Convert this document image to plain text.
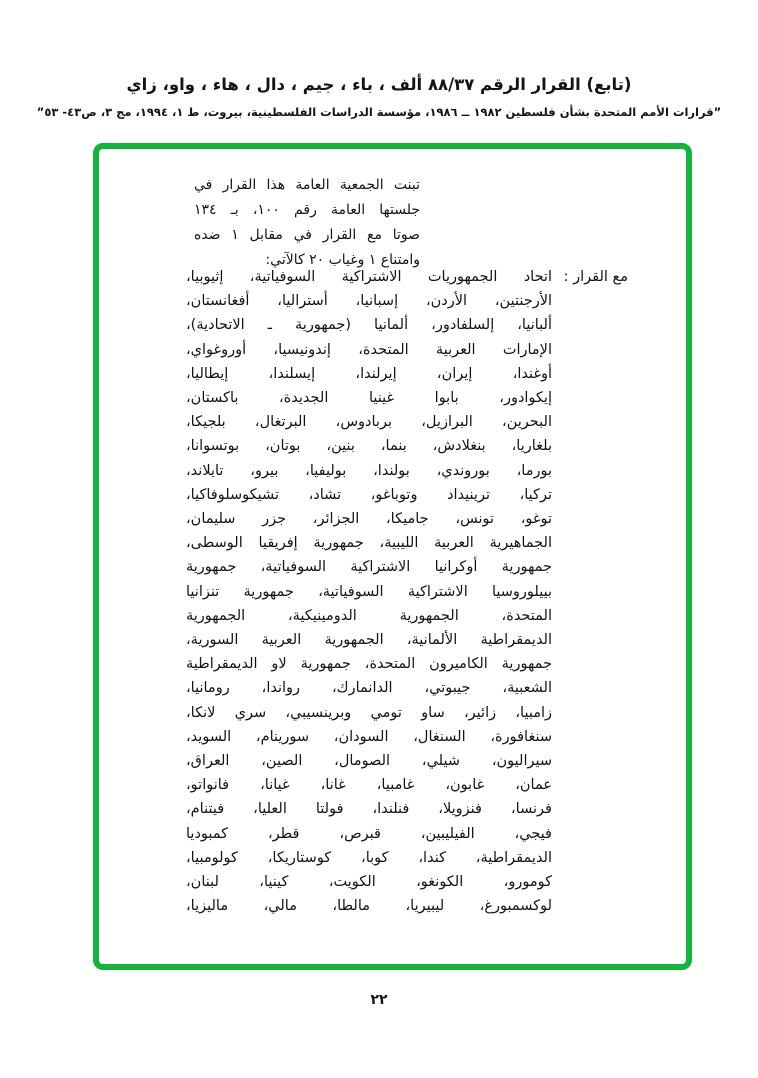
(تابع) القرار الرقم ٨٨/٣٧ ألف ، باء ، جيم ، دال ، هاء ، واو، زاي
”قرارات الأمم المتحدة بشأن فلسطين ١٩٨٢ ــ ١٩٨٦، مؤسسة الدراسات الفلسطينية، بيروت، ط ١، ١٩٩٤، مج ٣، ص٤٣- ٥٣”
تبنت الجمعية العامة هذا القرار في
جلستها العامة رقم ١٠٠، بـ ١٣٤
صوتا مع القرار في مقابل ١ ضده
وامتناع ١ وغياب ٢٠ كالآتي:
مع القرار :
اتحاد الجمهوريات الاشتراكية السوفياتية، إثيوبيا،
الأرجنتين، الأردن، إسبانيا، أستراليا، أفغانستان،
ألبانيا، إلسلفادور، ألمانيا (جمهورية ـ الاتحادية)،
الإمارات العربية المتحدة، إندونيسيا، أوروغواي،
أوغندا، إيران، إيرلندا، إيسلندا، إيطاليا،
إيكوادور، بابوا غينيا الجديدة، باكستان،
البحرين، البرازيل، بربادوس، البرتغال، بلجيكا،
بلغاريا، بنغلادش، بنما، بنين، بوتان، بوتسوانا،
بورما، بوروندي، بولندا، بوليفيا، بيرو، تايلاند،
تركيا، ترينيداد وتوباغو، تشاد، تشيكوسلوفاكيا،
توغو، تونس، جاميكا، الجزائر، جزر سليمان،
الجماهيرية العربية الليبية، جمهورية إفريقيا الوسطى،
جمهورية أوكرانيا الاشتراكية السوفياتية، جمهورية
بييلوروسيا الاشتراكية السوفياتية، جمهورية تنزانيا
المتحدة، الجمهورية الدومينيكية، الجمهورية
الديمقراطية الألمانية، الجمهورية العربية السورية،
جمهورية الكاميرون المتحدة، جمهورية لاو الديمقراطية
الشعبية، جيبوتي، الدانمارك، رواندا، رومانيا،
زامبيا، زائير، ساو تومي وبرينسيبي، سري لانكا،
سنغافورة، السنغال، السودان، سورينام، السويد،
سيراليون، شيلي، الصومال، الصين، العراق،
عمان، غابون، غامبيا، غانا، غيانا، فانواتو،
فرنسا، فنزويلا، فنلندا، فولتا العليا، فيتنام،
فيجي، الفيليبين، قبرص، قطر، كمبوديا
الديمقراطية، كندا، كوبا، كوستاريكا، كولومبيا،
كومورو، الكونغو، الكويت، كينيا، لبنان،
لوكسمبورغ، ليبيريا، مالطا، مالي، ماليزيا،
٢٢
